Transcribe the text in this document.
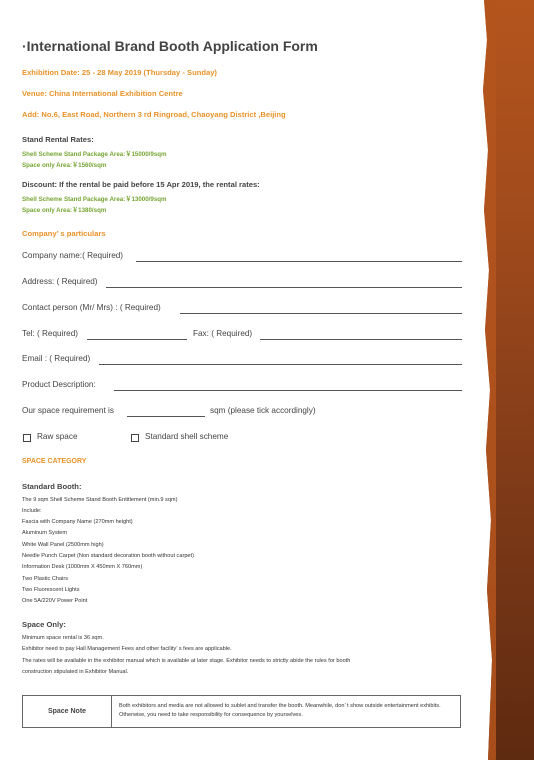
·International Brand Booth Application Form
Exhibition Date: 25 - 28 May 2019 (Thursday - Sunday)
Venue: China International Exhibition Centre
Add: No.6, East Road, Northern 3 rd Ringroad, Chaoyang District ,Beijing
Stand Rental Rates:
Shell Scheme Stand Package Area:￥15000/9sqm
Space only Area:￥1560/sqm
Discount: If the rental be paid before 15 Apr 2019, the rental rates:
Shell Scheme Stand Package Area:￥13000/9sqm
Space only Area:￥1380/sqm
Company’ s particulars
Company name:( Required)
Address: ( Required)
Contact person (Mr/ Mrs) : ( Required)
Tel: ( Required)	Fax: ( Required)
Email : ( Required)
Product Description:
Our space requirement is	sqm (please tick accordingly)
Raw space	Standard shell scheme
SPACE CATEGORY
Standard Booth:
The 9 sqm Shell Scheme Stand Booth Entitlement (min.9 sqm)
Include:
Fascia with Company Name (270mm height)
Aluminum System
White Wall Panel (2500mm high)
Needle Punch Carpet (Non standard decoration booth without carpet)
Information Desk (1000mm X 450mm X 760mm)
Two Plastic Chairs
Two Fluorescent Lights
One 5A/220V Power Point
Space Only:
Minimum space rental is 36 sqm.
Exhibitor need to pay Hall Management Fees and other facility’ s fees are applicable.
The rates will be available in the exhibitor manual which is available at later stage. Exhibitor needs to strictly abide the rules for booth
construction stipulated in Exhibitor Manual.
Space Note
Both exhibitors and media are not allowed to sublet and transfer the booth. Meanwhile, don’ t show outside entertainment exhibits. Otherwise, you need to take responsibility for consequence by yourselves.
